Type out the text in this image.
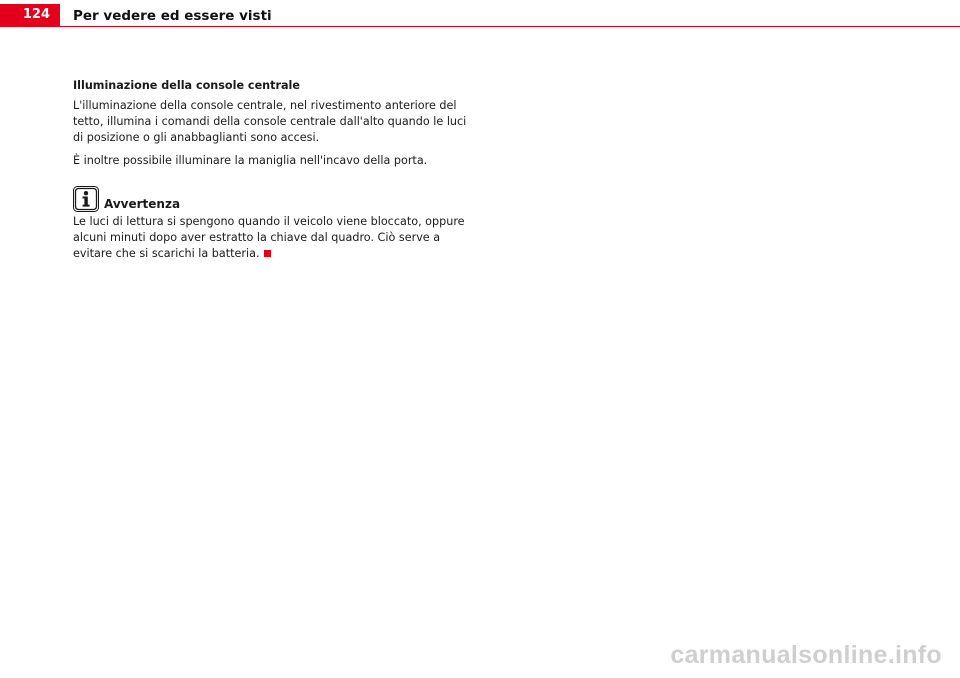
124	Per vedere ed essere visti
Illuminazione della console centrale

L'illuminazione della console centrale, nel rivestimento anteriore del tetto, illumina i comandi della console centrale dall'alto quando le luci di posizione o gli anabbaglianti sono accesi.

È inoltre possibile illuminare la maniglia nell'incavo della porta.

Avvertenza

Le luci di lettura si spengono quando il veicolo viene bloccato, oppure alcuni minuti dopo aver estratto la chiave dal quadro. Ciò serve a evitare che si scarichi la batteria.

carmanualsonline.info
